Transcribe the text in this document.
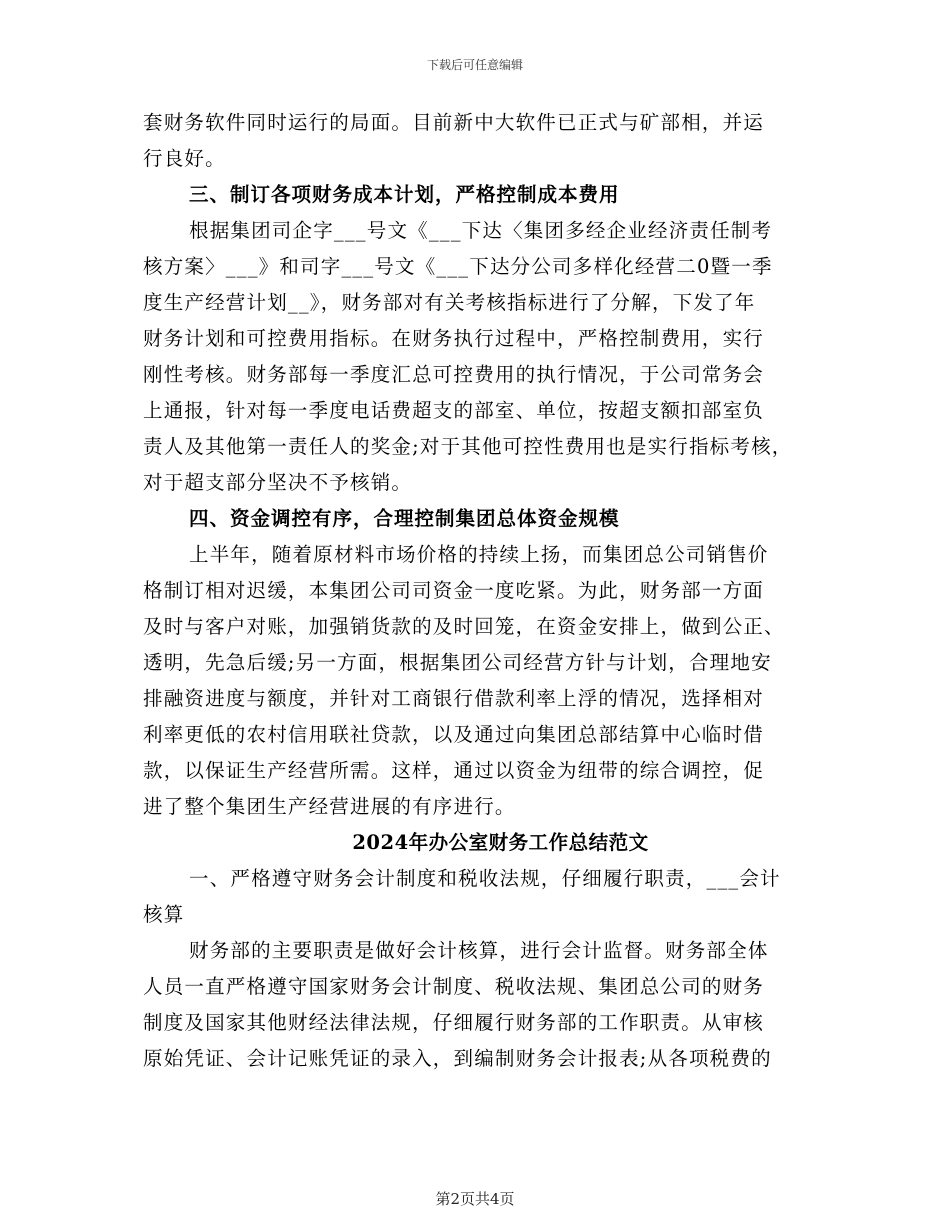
下载后可任意编辑
套财务软件同时运行的局面。目前新中大软件已正式与矿部相，并运
行良好。
三、制订各项财务成本计划，严格控制成本费用
根据集团司企字___号文《___下达〈集团多经企业经济责任制考
核方案〉___》和司字___号文《___下达分公司多样化经营二0暨一季
度生产经营计划__》，财务部对有关考核指标进行了分解，下发了年
财务计划和可控费用指标。在财务执行过程中，严格控制费用，实行
刚性考核。财务部每一季度汇总可控费用的执行情况，于公司常务会
上通报，针对每一季度电话费超支的部室、单位，按超支额扣部室负
责人及其他第一责任人的奖金;对于其他可控性费用也是实行指标考核，
对于超支部分坚决不予核销。
四、资金调控有序，合理控制集团总体资金规模
上半年，随着原材料市场价格的持续上扬，而集团总公司销售价
格制订相对迟缓，本集团公司司资金一度吃紧。为此，财务部一方面
及时与客户对账，加强销货款的及时回笼，在资金安排上，做到公正、
透明，先急后缓;另一方面，根据集团公司经营方针与计划，合理地安
排融资进度与额度，并针对工商银行借款利率上浮的情况，选择相对
利率更低的农村信用联社贷款，以及通过向集团总部结算中心临时借
款，以保证生产经营所需。这样，通过以资金为纽带的综合调控，促
进了整个集团生产经营进展的有序进行。
2024年办公室财务工作总结范文
一、严格遵守财务会计制度和税收法规，仔细履行职责，___会计
核算
财务部的主要职责是做好会计核算，进行会计监督。财务部全体
人员一直严格遵守国家财务会计制度、税收法规、集团总公司的财务
制度及国家其他财经法律法规，仔细履行财务部的工作职责。从审核
原始凭证、会计记账凭证的录入，到编制财务会计报表;从各项税费的
第2页共4页
